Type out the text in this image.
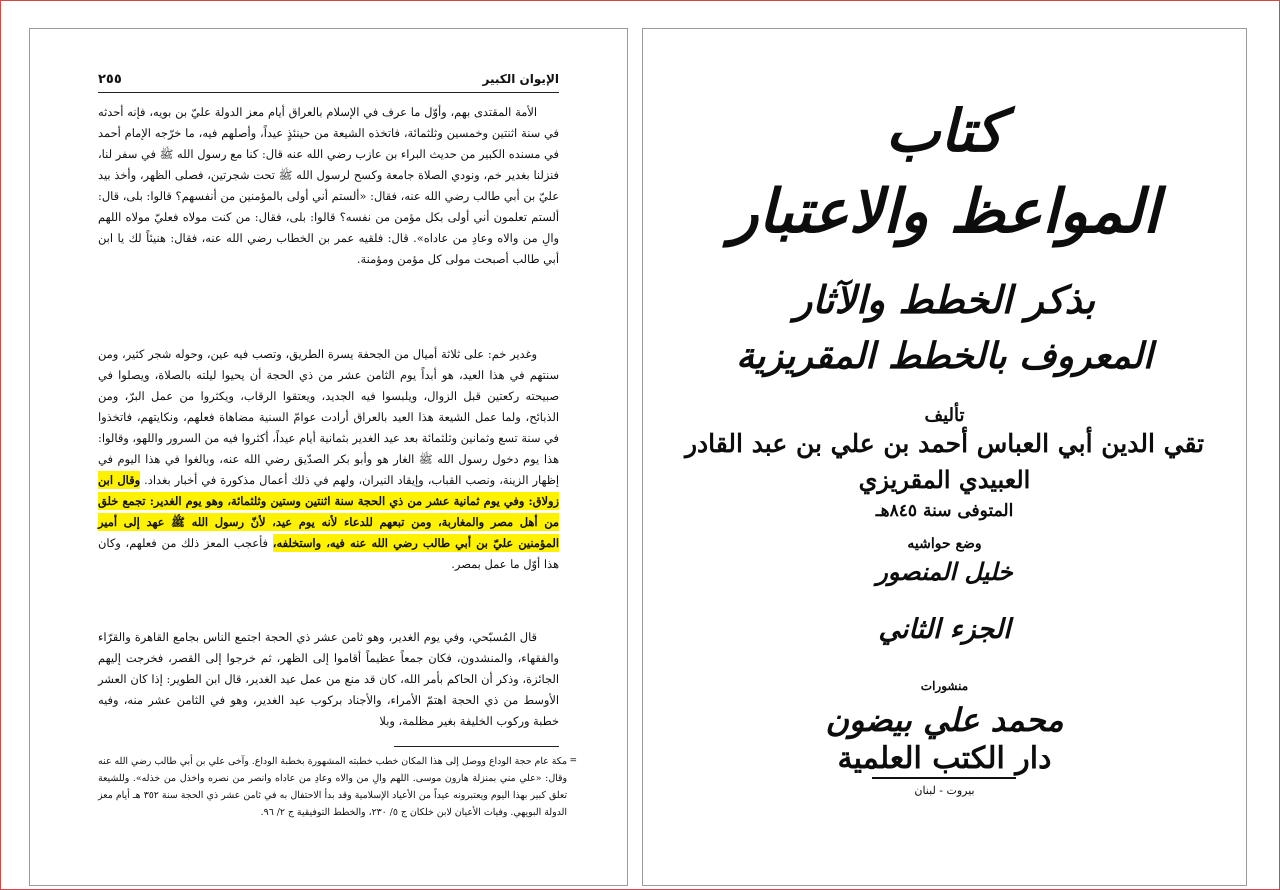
الإيوان الكبير
٢٥٥

الأمة المقتدى بهم، وأوّل ما عرف في الإسلام بالعراق أيام معز الدولة عليّ بن بويه، فإنه أحدثه في سنة اثنتين وخمسين وثلثمائة، فاتخذه الشيعة من حينئذٍ عيداً، وأصلهم فيه، ما خرّجه الإمام أحمد في مسنده الكبير من حديث البراء بن عازب رضي الله عنه قال: كنا مع رسول الله ﷺ في سفر لنا، فنزلنا بغدير خم، ونودي الصلاة جامعة وكسح لرسول الله ﷺ تحت شجرتين، فصلى الظهر، وأخذ بيد عليّ بن أبي طالب رضي الله عنه، فقال: «ألستم أني أولى بالمؤمنين من أنفسهم؟ قالوا: بلى، قال: ألستم تعلمون أني أولى بكل مؤمن من نفسه؟ قالوا: بلى، فقال: من كنت مولاه فعليّ مولاه اللهم والِ من والاه وعادِ من عاداه». قال: فلقيه عمر بن الخطاب رضي الله عنه، فقال: هنيئاً لك يا ابن أبي طالب أصبحت مولى كل مؤمن ومؤمنة.

وغدير خم: على ثلاثة أميال من الجحفة يسرة الطريق، وتصب فيه عين، وحوله شجر كثير، ومن سنتهم في هذا العيد، هو أبداً يوم الثامن عشر من ذي الحجة أن يحيوا ليلته بالصلاة، ويصلوا في صبيحته ركعتين قبل الزوال، ويلبسوا فيه الجديد، ويعتقوا الرقاب، ويكثروا من عمل البرّ، ومن الذبائح، ولما عمل الشيعة هذا العيد بالعراق أرادت عوامّ السنية مضاهاة فعلهم، ونكايتهم، فاتخذوا في سنة تسع وثمانين وثلثمائة بعد عيد الغدير بثمانية أيام عيداً، أكثروا فيه من السرور واللهو، وقالوا: هذا يوم دخول رسول الله ﷺ الغار هو وأبو بكر الصدّيق رضي الله عنه، وبالغوا في هذا اليوم في إظهار الزينة، ونصب القباب، وإيقاد النيران، ولهم في ذلك أعمال مذكورة في أخبار بغداد. وقال ابن زولاق: وفي يوم ثمانية عشر من ذي الحجة سنة اثنتين وستين وثلثمائة، وهو يوم الغدير: تجمع خلق من أهل مصر والمغاربة، ومن تبعهم للدعاء لأنه يوم عيد، لأنّ رسول الله ﷺ عهد إلى أمير المؤمنين عليّ بن أبي طالب رضي الله عنه فيه، واستخلفه، فأعجب المعز ذلك من فعلهم، وكان هذا أوّل ما عمل بمصر.

قال المُسبّحي، وفي يوم الغدير، وهو ثامن عشر ذي الحجة اجتمع الناس بجامع القاهرة والقرّاء والفقهاء، والمنشدون، فكان جمعاً عظيماً أقاموا إلى الظهر، ثم خرجوا إلى القصر، فخرجت إليهم الجائزة، وذكر أن الحاكم بأمر الله، كان قد منع من عمل عيد الغدير، قال ابن الطوير: إذا كان العشر الأوسط من ذي الحجة اهتمّ الأمراء، والأجناد بركوب عيد الغدير، وهو في الثامن عشر منه، وفيه خطبة وركوب الخليفة بغير مظلمة، وبلا

=
مكة عام حجة الوداع ووصل إلى هذا المكان خطب خطبته المشهورة بخطبة الوداع. وآخى علي بن أبي طالب رضي الله عنه وقال: «علي مني بمنزلة هارون موسى. اللهم والِ من والاه وعادِ من عاداه وانصر من نصره واخذل من خذله». وللشيعة تعلق كبير بهذا اليوم ويعتبرونه عيداً من الأعياد الإسلامية وقد بدأ الاحتفال به في ثامن عشر ذي الحجة سنة ٣٥٢ هـ أيام معز الدولة البويهي. وفيات الأعيان لابن خلكان ج ٥/ ٢٣٠، والخطط التوفيقية ج ٢/ ٩٦.
كتاب
المواعظ والاعتبار
بذكر الخطط والآثار
المعروف بالخطط المقريزية
تأليف
تقي الدين أبي العباس أحمد بن علي بن عبد القادر
العبيدي المقريزي
المتوفى سنة ٨٤٥هـ
وضع حواشيه
خليل المنصور
الجزء الثاني
منشورات
محمد علي بيضون
دار الكتب العلمية
بيروت - لبنان
